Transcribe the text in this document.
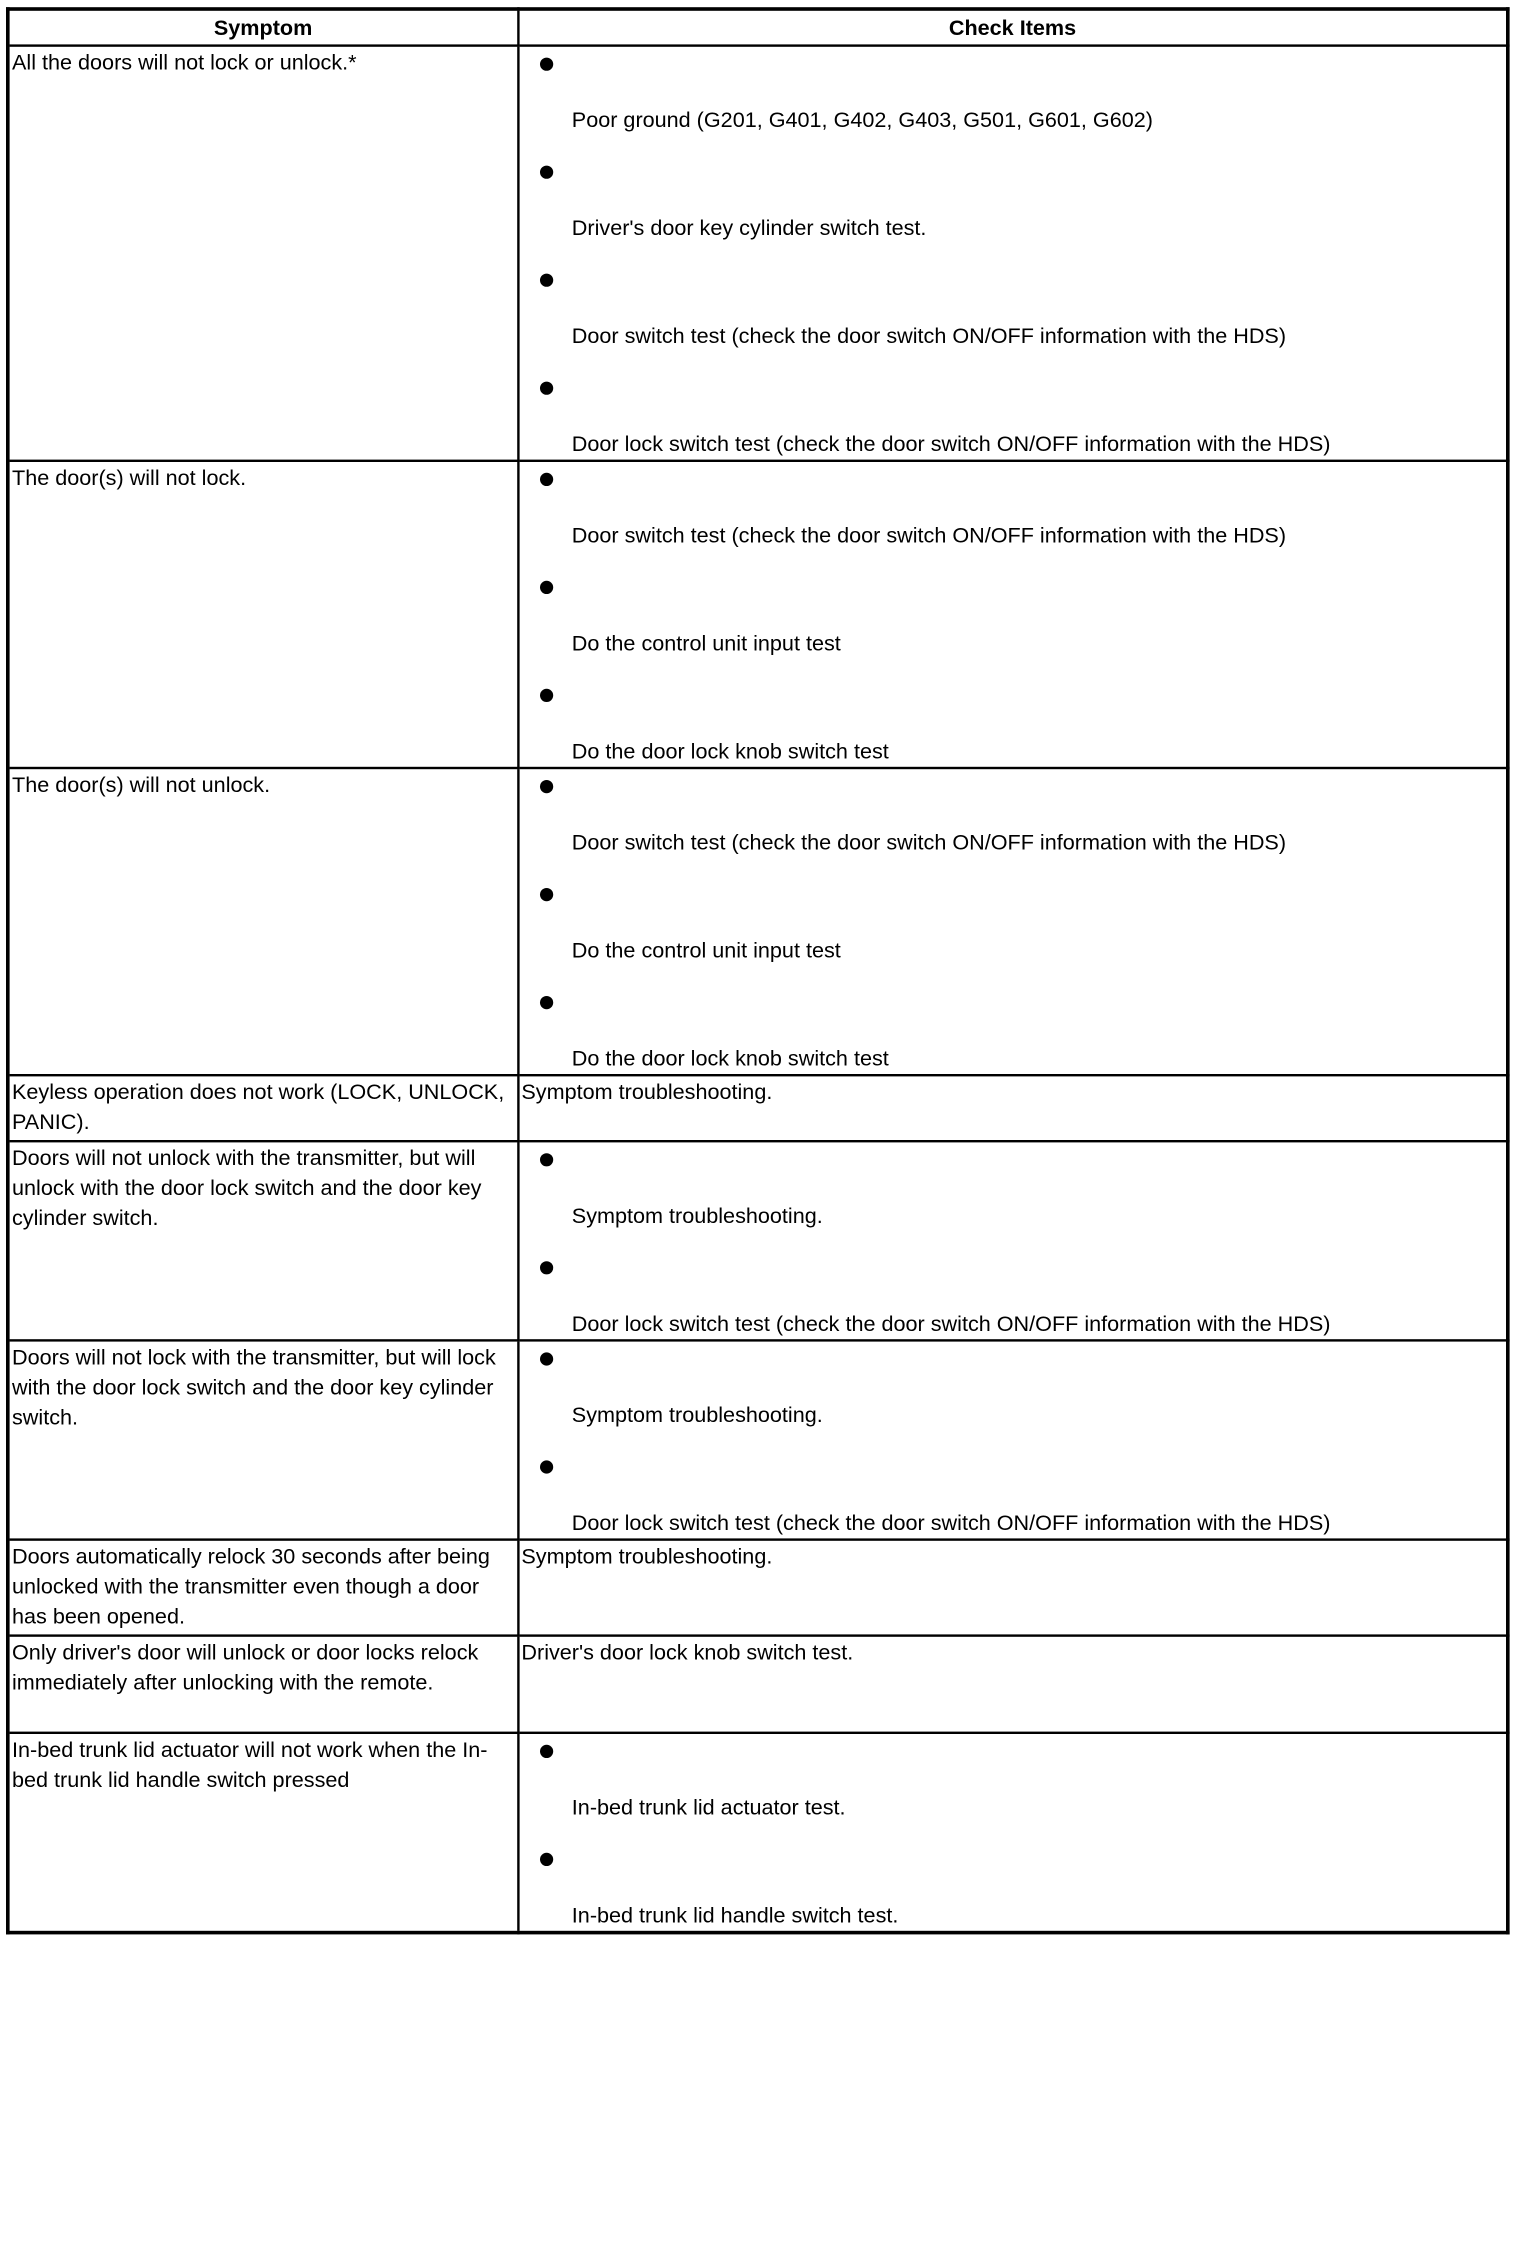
Symptom	Check Items
All the doors will not lock or unlock.*	Poor ground (G201, G401, G402, G403, G501, G601, G602)
Driver's door key cylinder switch test.
Door switch test (check the door switch ON/OFF information with the HDS)
Door lock switch test (check the door switch ON/OFF information with the HDS)

The door(s) will not lock.	Door switch test (check the door switch ON/OFF information with the HDS)
Do the control unit input test
Do the door lock knob switch test

The door(s) will not unlock.	Door switch test (check the door switch ON/OFF information with the HDS)
Do the control unit input test
Do the door lock knob switch test

Keyless operation does not work (LOCK, UNLOCK, PANIC).	Symptom troubleshooting.
Doors will not unlock with the transmitter, but will unlock with the door lock switch and the door key cylinder switch.	Symptom troubleshooting.
Door lock switch test (check the door switch ON/OFF information with the HDS)

Doors will not lock with the transmitter, but will lock with the door lock switch and the door key cylinder switch.	Symptom troubleshooting.
Door lock switch test (check the door switch ON/OFF information with the HDS)

Doors automatically relock 30 seconds after being unlocked with the transmitter even though a door has been opened.	Symptom troubleshooting.
Only driver's door will unlock or door locks relock immediately after unlocking with the remote.	Driver's door lock knob switch test.
In-bed trunk lid actuator will not work when the In-bed trunk lid handle switch pressed	In-bed trunk lid actuator test.
In-bed trunk lid handle switch test.
